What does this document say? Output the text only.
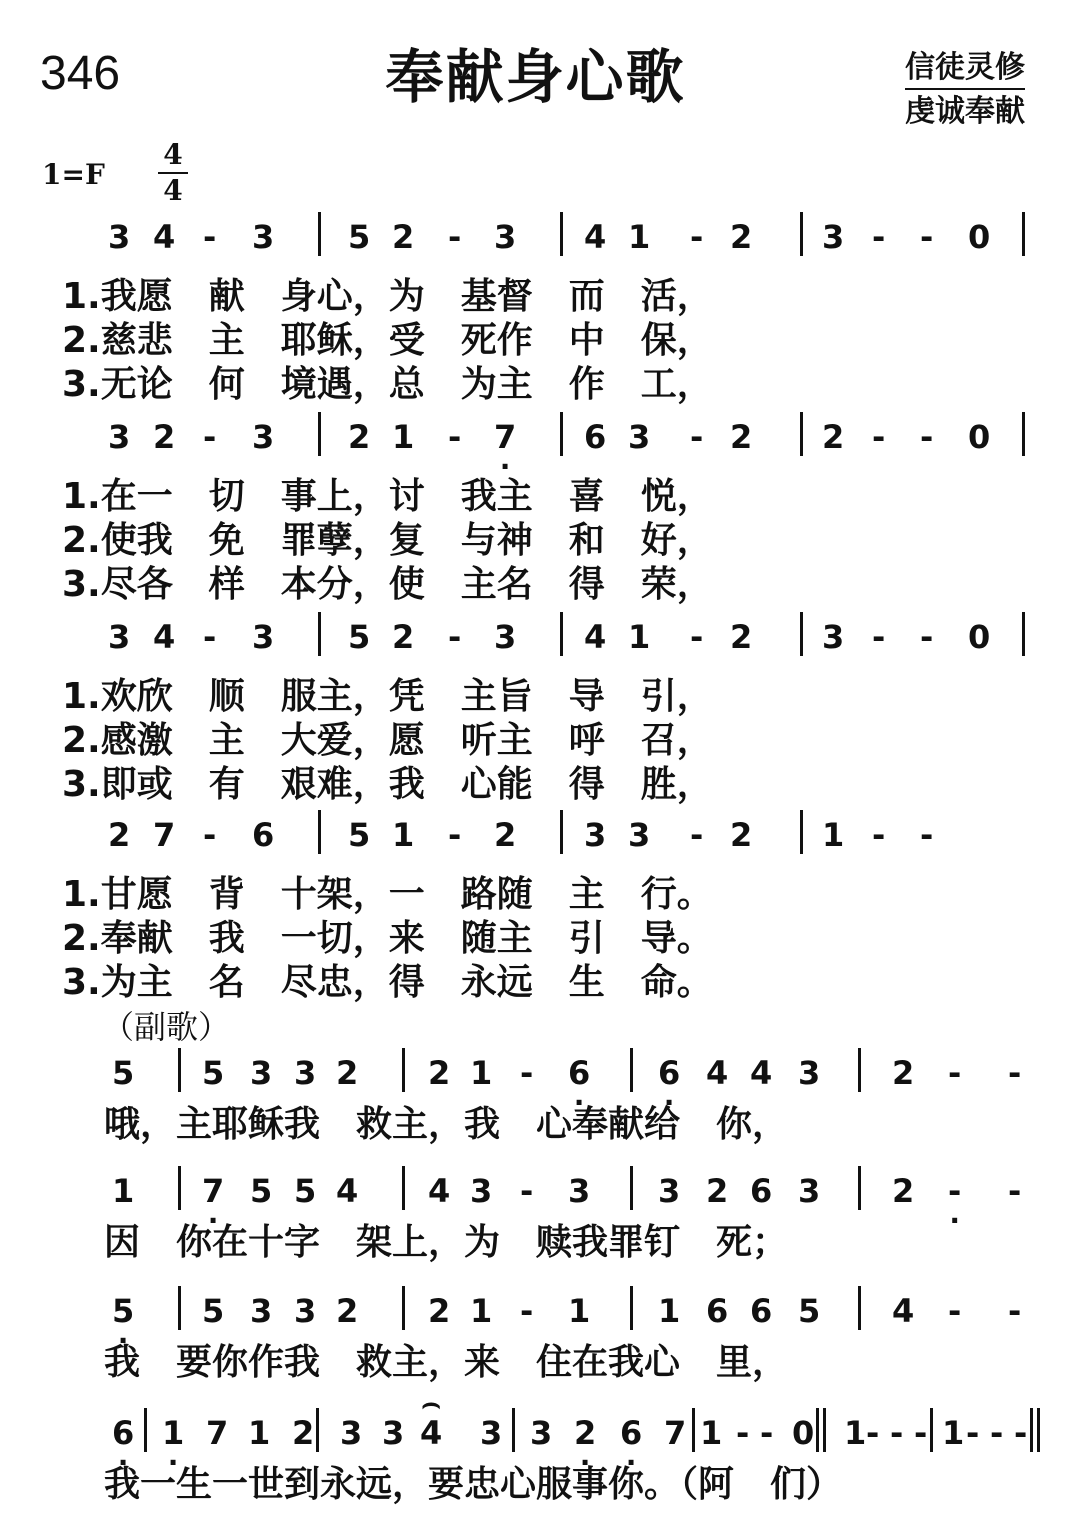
346	奉献身心歌	信徒灵修
虔诚奉献
1=F
4
4
（副歌）
3 4 - 3 5 2 - 3 4 1 - 2 3 - - 0
1.我愿　献　身心，为　基督　而　活，
2.慈悲　主　耶稣，受　死作　中　保，
3.无论　何　境遇，总　为主　作　工，
3 2 - 3 2 1 - 7 . 6 3 - 2 2 - - 0
1.在一　切　事上，讨　我主　喜　悦，
2.使我　免　罪孽，复　与神　和　好，
3.尽各　样　本分，使　主名　得　荣，
3 4 - 3 5 2 - 3 4 1 - 2 3 - - 0
1.欢欣　顺　服主，凭　主旨　导　引，
2.感激　主　大爱，愿　听主　呼　召，
3.即或　有　艰难，我　心能　得　胜，
2 7 - 6 5 1 - 2 3 3 - 2 1 - -
1.甘愿　背　十架，一　路随　主　行。
2.奉献　我　一切，来　随主　引　导。
3.为主　名　尽忠，得　永远　生　命。
5 5 3 3 2 2 1 - 6 . 6 . 4 4 3 2 - -
哦，主耶稣我　救主，我　心奉献给　你，
1 7 . 5 5 4 4 3 - 3 3 2 6 3 2 - . -
因　你在十字　架上，为　赎我罪钉　死；
5 . 5 3 3 2 2 1 - 1 1 6 6 5 4 - -
我　要你作我　救主，来　住在我心　里，
6 . 1 . 7 1 2 3 3
⌢ 4 3 3 2 . 6 . 7 1 - - 0 1 - - - 1 - - -
我一生一世到永远，要忠心服事你。（阿　们）
